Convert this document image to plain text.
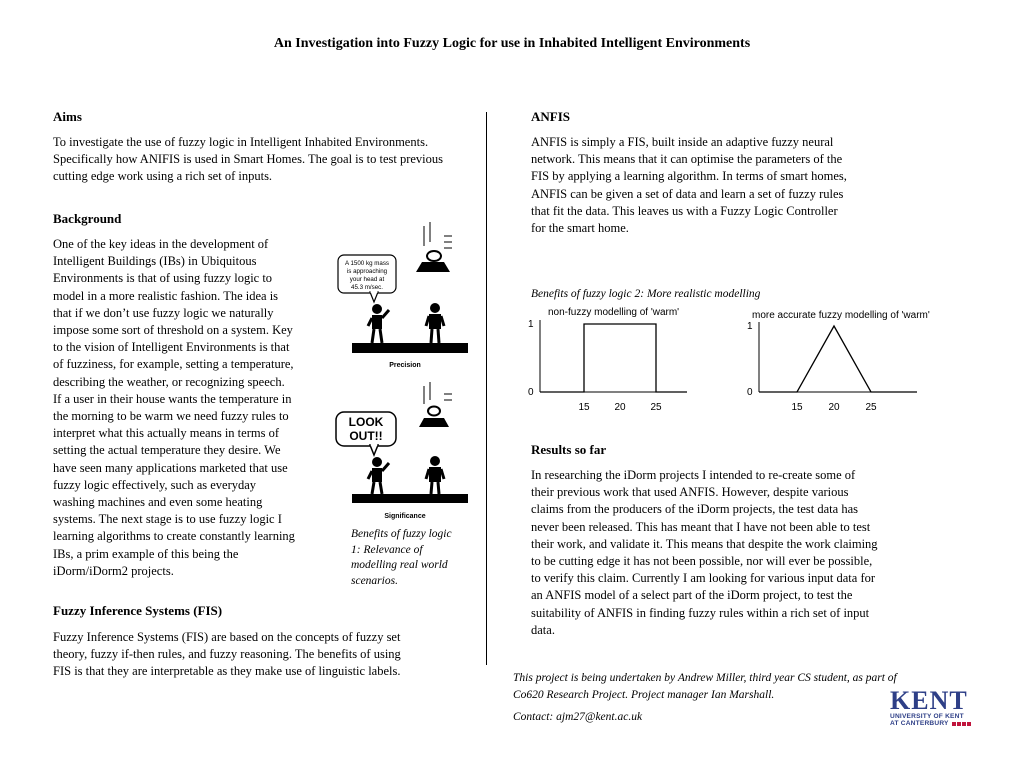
An Investigation into Fuzzy Logic for use in Inhabited Intelligent Environments
Aims
To investigate the use of fuzzy logic in Intelligent Inhabited Environments. Specifically how ANIFIS is used in Smart Homes. The goal is to test previous cutting edge work using a rich set of inputs.
Background
One of the key ideas in the development of
Intelligent Buildings (IBs) in Ubiquitous
Environments is that of using fuzzy logic to
model in a more realistic fashion. The idea is
that if we don’t use fuzzy logic we naturally
impose some sort of threshold on a system. Key
to the vision of Intelligent Environments is that
of fuzziness, for example, setting a temperature,
describing the weather, or recognizing speech.
If a user in their house wants the temperature in
the morning to be warm we need fuzzy rules to
interpret what this actually means in terms of
setting the actual temperature they desire. We
have seen many applications marketed that use
fuzzy logic effectively, such as everyday
washing machines and even some heating
systems. The next stage is to use fuzzy logic I
learning algorithms to create constantly learning
IBs, a prim example of this being the
iDorm/iDorm2 projects.
A 1500 kg mass
is approaching
your head at
45.3 m/sec.
Precision
LOOK
OUT!!
Significance
Benefits of fuzzy logic
1: Relevance of
modelling real world
scenarios.
Fuzzy Inference Systems (FIS)
Fuzzy Inference Systems (FIS) are based on the concepts of fuzzy set
theory, fuzzy if-then rules, and fuzzy reasoning. The benefits of using
FIS is that they are interpretable as they make use of linguistic labels.
ANFIS
ANFIS is simply a FIS, built inside an adaptive fuzzy neural
network. This means that it can optimise the parameters of the
FIS by applying a learning algorithm. In terms of smart homes,
ANFIS can be given a set of data and learn a set of fuzzy rules
that fit the data. This leaves us with a Fuzzy Logic Controller
for the smart home.
Benefits of fuzzy logic 2: More realistic modelling
non-fuzzy modelling of 'warm'
0
1
15 20 25
more accurate fuzzy modelling of 'warm'
0
1
15	20	25
Results so far
In researching the iDorm projects I intended to re-create some of
their previous work that used ANFIS. However, despite various
claims from the producers of the iDorm projects, the test data has
never been released. This has meant that I have not been able to test
their work, and validate it. This means that despite the work claiming
to be cutting edge it has not been possible, nor will ever be possible,
to verify this claim. Currently I am looking for various input data for
an ANFIS model of a select part of the iDorm project, to test the
suitability of ANFIS in finding fuzzy rules within a rich set of input
data.
This project is being undertaken by Andrew Miller, third year CS student, as part of
Co620 Research Project. Project manager Ian Marshall.
Contact: ajm27@kent.ac.uk
KENT
UNIVERSITY OF KENT
AT CANTERBURY
